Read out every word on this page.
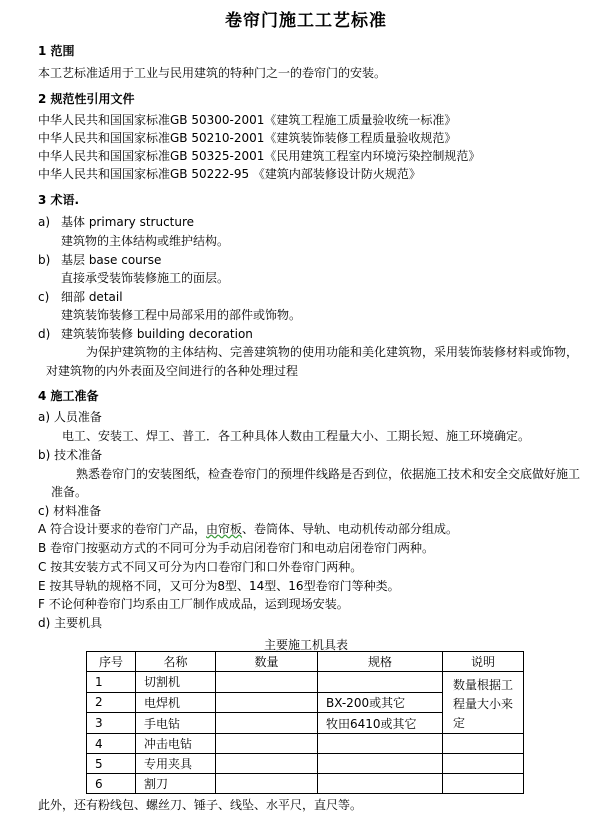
卷帘门施工工艺标准
1 范围
本工艺标准适用于工业与民用建筑的特种门之一的卷帘门的安装。
2 规范性引用文件
中华人民共和国国家标准GB 50300-2001《建筑工程施工质量验收统一标准》
中华人民共和国国家标准GB 50210-2001《建筑装饰装修工程质量验收规范》
中华人民共和国国家标准GB 50325-2001《民用建筑工程室内环境污染控制规范》
中华人民共和国国家标准GB 50222-95 《建筑内部装修设计防火规范》
3 术语.
a) 基体 primary structure
建筑物的主体结构或维护结构。
b) 基层 base course
直接承受装饰装修施工的面层。
c) 细部 detail
建筑装饰装修工程中局部采用的部件或饰物。
d) 建筑装饰装修 building decoration
为保护建筑物的主体结构、完善建筑物的使用功能和美化建筑物，采用装饰装修材料或饰物，
对建筑物的内外表面及空间进行的各种处理过程
4 施工准备
a) 人员准备
电工、安装工、焊工、普工．各工种具体人数由工程量大小、工期长短、施工环境确定。
b) 技术准备
熟悉卷帘门的安装图纸，检查卷帘门的预埋件线路是否到位，依据施工技术和安全交底做好施工
准备。
c) 材料准备
A 符合设计要求的卷帘门产品，由帘板、卷筒体、导轨、电动机传动部分组成。
B 卷帘门按驱动方式的不同可分为手动启闭卷帘门和电动启闭卷帘门两种。
C 按其安装方式不同又可分为内口卷帘门和口外卷帘门两种。
E 按其导轨的规格不同，又可分为8型、14型、16型卷帘门等种类。
F 不论何种卷帘门均系由工厂制作成成品，运到现场安装。
d) 主要机具
主要施工机具表
序号	名称	数量	规格	说明
1	切割机			数量根据工程量大小来定
2	电焊机		BX-200或其它	
3	手电钻		牧田6410或其它	
4	冲击电钻			
5	专用夹具			
6	割刀			
此外，还有粉线包、螺丝刀、锤子、线坠、水平尺，直尺等。
